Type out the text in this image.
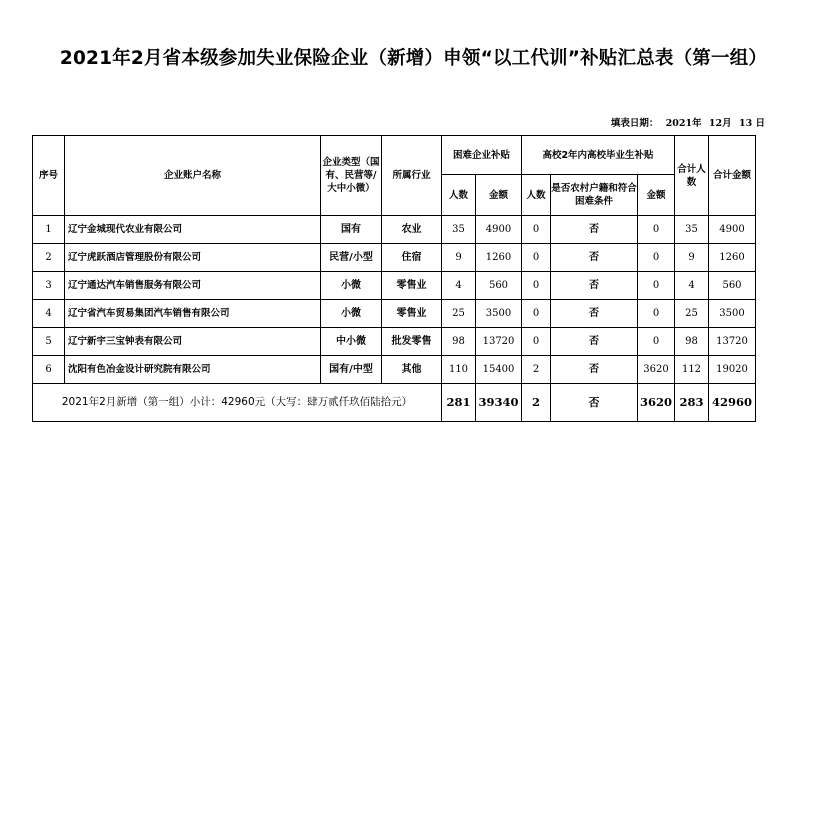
2021年2月省本级参加失业保险企业（新增）申领“以工代训”补贴汇总表（第一组）
填表日期： 2021年 12月 13 日
序号	企业账户名称	企业类型（国有、民营等/大中小微）	所属行业	困难企业补贴		高校2年内高校毕业生补贴			合计人数	合计金额
				人数	金额	人数	是否农村户籍和符合困难条件	金额		
1	辽宁金城现代农业有限公司	国有	农业	35	4900	0	否	0	35	4900
2	辽宁虎跃酒店管理股份有限公司	民营/小型	住宿	9	1260	0	否	0	9	1260
3	辽宁通达汽车销售服务有限公司	小微	零售业	4	560	0	否	0	4	560
4	辽宁省汽车贸易集团汽车销售有限公司	小微	零售业	25	3500	0	否	0	25	3500
5	辽宁新宇三宝钟表有限公司	中小微	批发零售	98	13720	0	否	0	98	13720
6	沈阳有色冶金设计研究院有限公司	国有/中型	其他	110	15400	2	否	3620	112	19020
2021年2月新增（第一组）小计：42960元（大写：肆万贰仟玖佰陆拾元）				281	39340	2	否	3620	283	42960
